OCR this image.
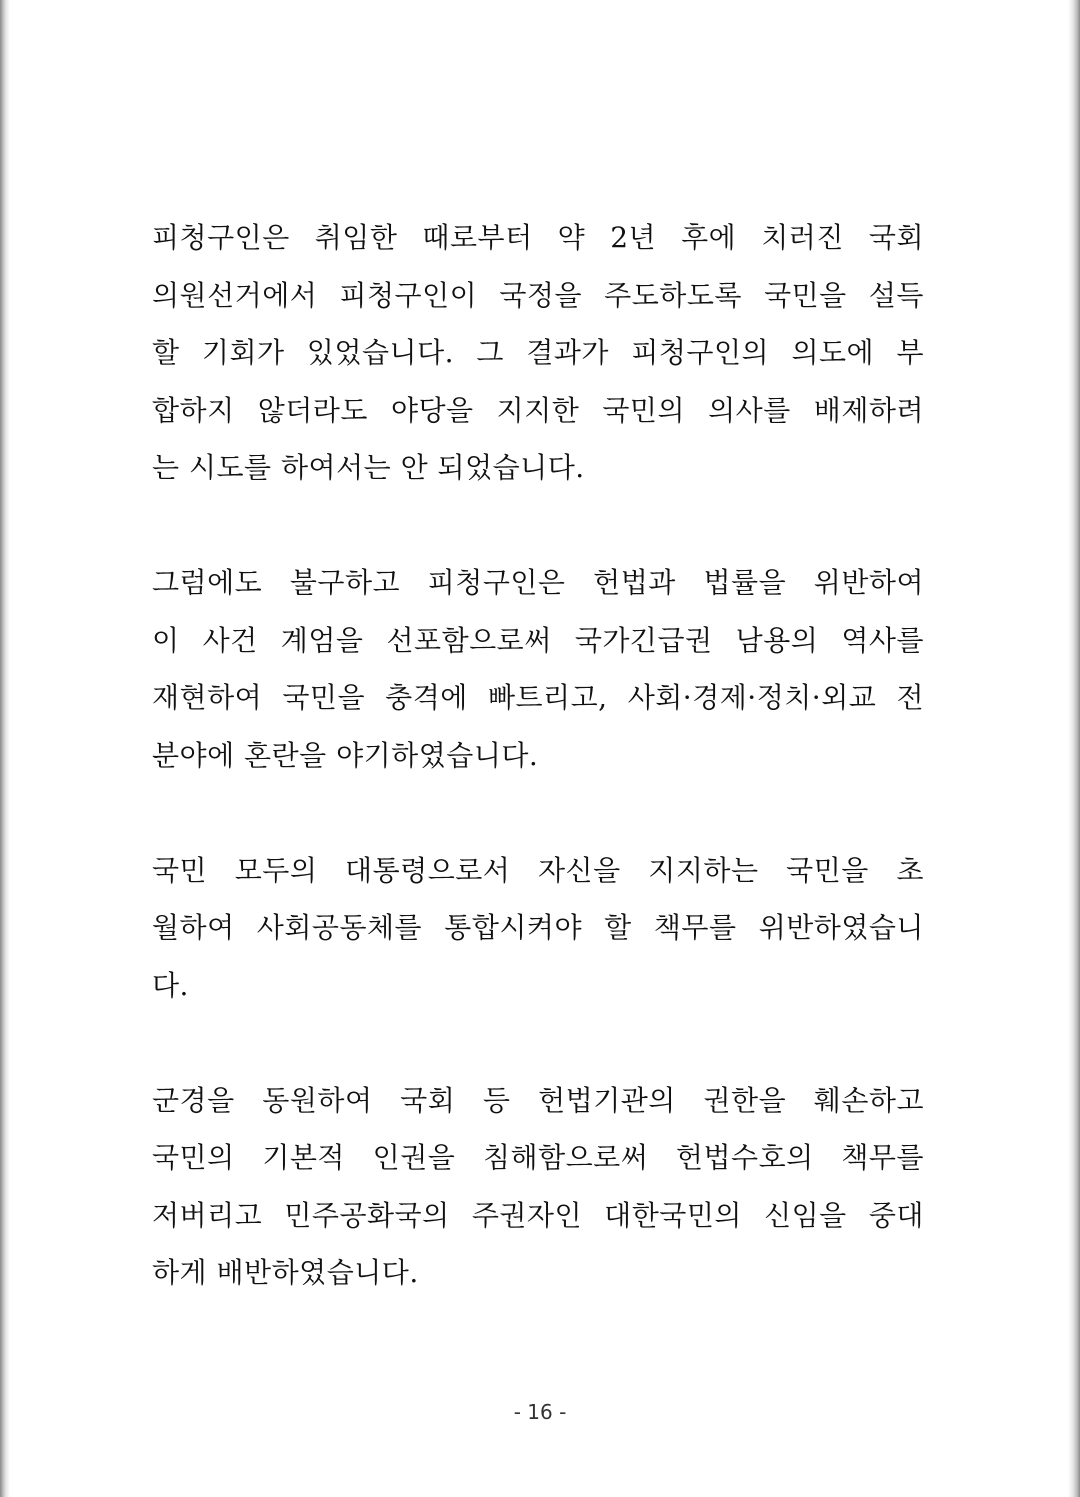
피청구인은 취임한 때로부터 약 2년 후에 치러진 국회
의원선거에서 피청구인이 국정을 주도하도록 국민을 설득
할 기회가 있었습니다. 그 결과가 피청구인의 의도에 부
합하지 않더라도 야당을 지지한 국민의 의사를 배제하려
는 시도를 하여서는 안 되었습니다.

그럼에도 불구하고 피청구인은 헌법과 법률을 위반하여
이 사건 계엄을 선포함으로써 국가긴급권 남용의 역사를
재현하여 국민을 충격에 빠트리고, 사회·경제·정치·외교 전
분야에 혼란을 야기하였습니다.

국민 모두의 대통령으로서 자신을 지지하는 국민을 초
월하여 사회공동체를 통합시켜야 할 책무를 위반하였습니
다.

군경을 동원하여 국회 등 헌법기관의 권한을 훼손하고
국민의 기본적 인권을 침해함으로써 헌법수호의 책무를
저버리고 민주공화국의 주권자인 대한국민의 신임을 중대
하게 배반하였습니다.

- 16 -
